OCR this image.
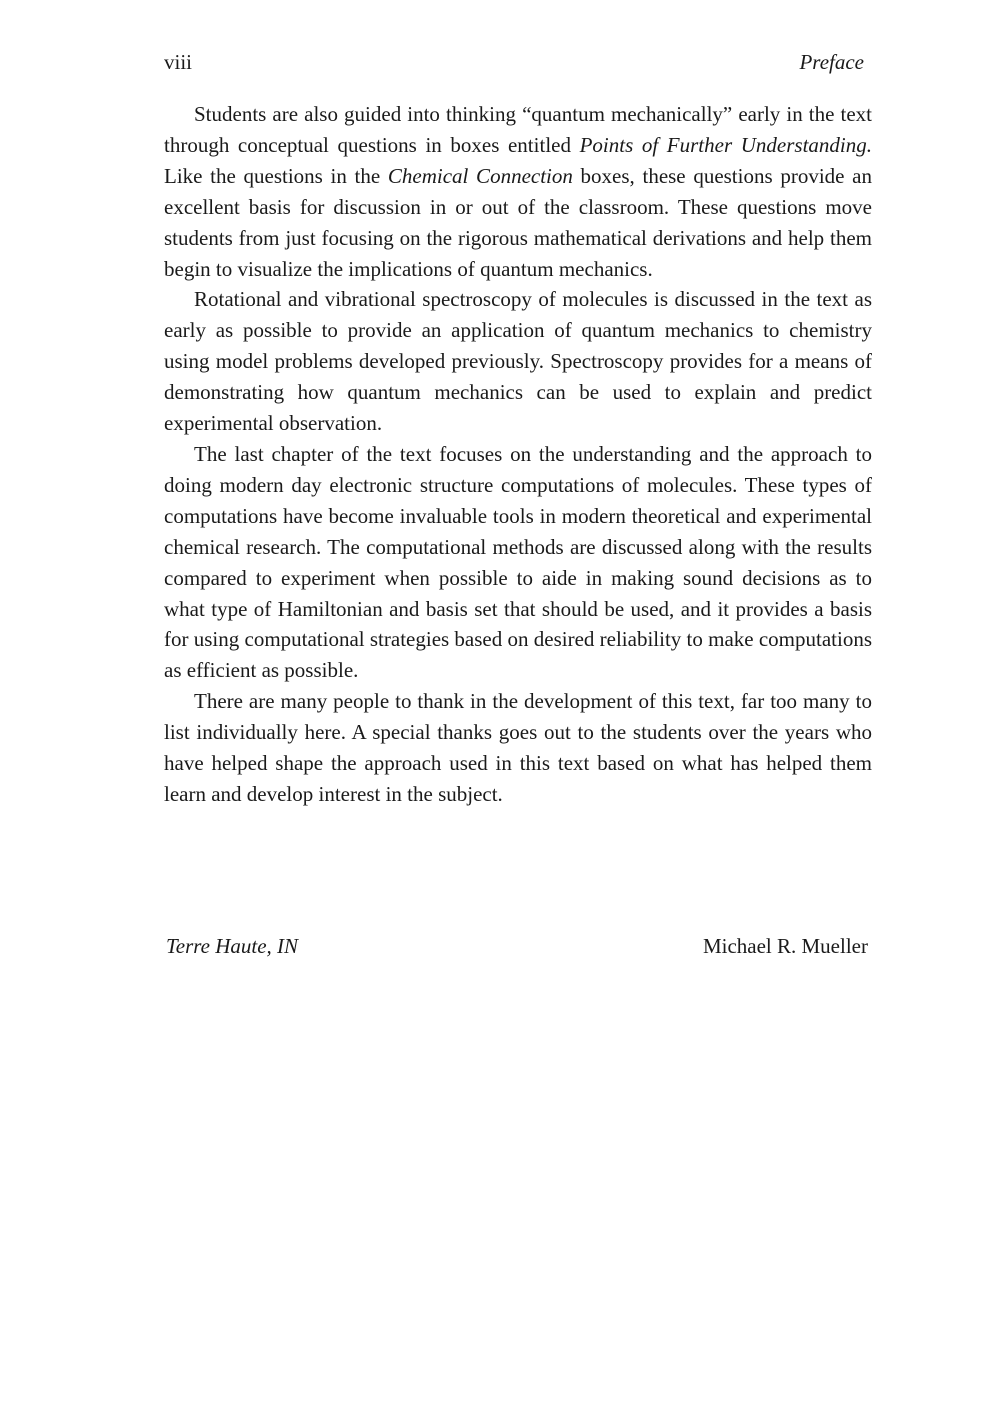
viii	Preface

Students are also guided into thinking “quantum mechanically” early in the text through conceptual questions in boxes entitled Points of Further Understanding. Like the questions in the Chemical Connection boxes, these questions provide an excellent basis for discussion in or out of the classroom. These questions move students from just focusing on the rigorous mathematical derivations and help them begin to visualize the implications of quantum mechanics.

Rotational and vibrational spectroscopy of molecules is discussed in the text as early as possible to provide an application of quantum mechanics to chemistry using model problems developed previously. Spectroscopy provides for a means of demonstrating how quantum mechanics can be used to explain and predict experimental observation.

The last chapter of the text focuses on the understanding and the approach to doing modern day electronic structure computations of molecules. These types of computations have become invaluable tools in modern theoretical and experimental chemical research. The computational methods are discussed along with the results compared to experiment when possible to aide in making sound decisions as to what type of Hamiltonian and basis set that should be used, and it provides a basis for using computational strategies based on desired reliability to make computations as efficient as possible.

There are many people to thank in the development of this text, far too many to list individually here. A special thanks goes out to the students over the years who have helped shape the approach used in this text based on what has helped them learn and develop interest in the subject.

Terre Haute, IN	Michael R. Mueller
